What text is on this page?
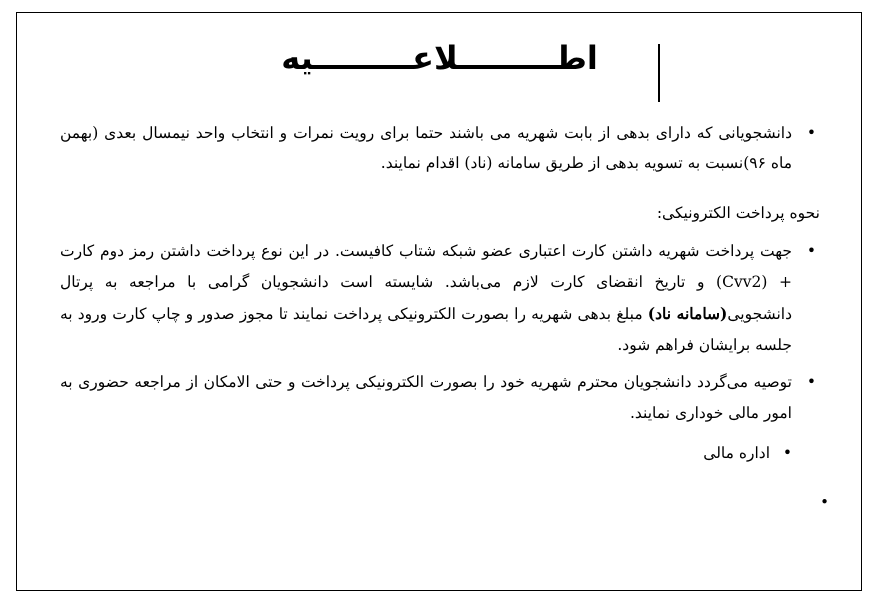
اطـــــــــلاعـــــــــیه
•
دانشجویانی که دارای بدهی از بابت شهریه می باشند حتما برای رویت نمرات و انتخاب واحد نیمسال بعدی (بهمن ماه ۹۶)نسبت به تسویه بدهی از طریق سامانه (ناد) اقدام نمایند.
نحوه پرداخت الکترونیکی:
•
جهت پرداخت شهریه داشتن کارت اعتباری عضو شبکه شتاب کافیست. در این نوع پرداخت داشتن رمز دوم کارت + (Cvv2) و تاریخ انقضای کارت لازم می‌باشد. شایسته است دانشجویان گرامی با مراجعه به پرتال دانشجویی(سامانه ناد) مبلغ بدهی شهریه را بصورت الکترونیکی پرداخت نمایند تا مجوز صدور و چاپ کارت ورود به جلسه برایشان فراهم شود.
•
توصیه می‌گردد دانشجویان محترم شهریه خود را بصورت الکترونیکی پرداخت و حتی الامکان از مراجعه حضوری به امور مالی خوداری نمایند.
•
اداره مالی
•
